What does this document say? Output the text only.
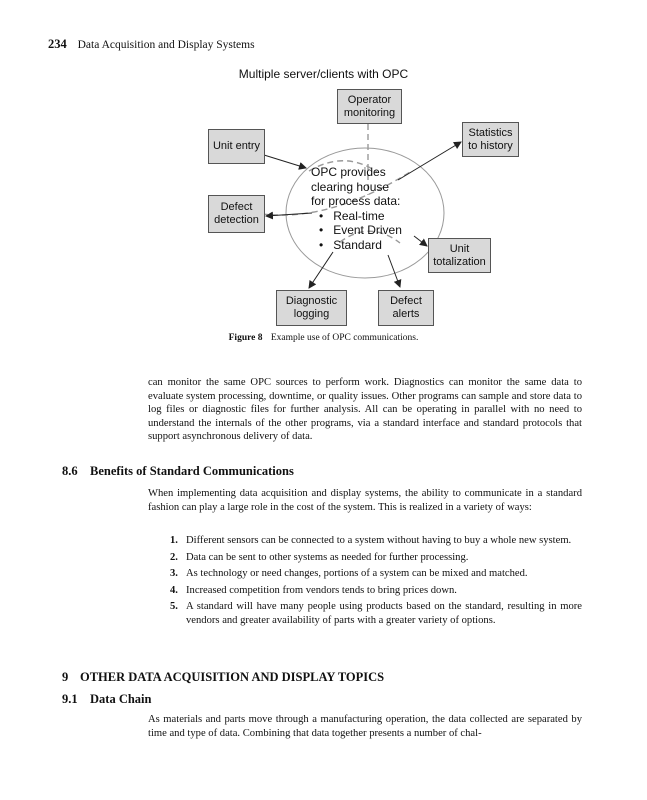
234 Data Acquisition and Display Systems
Multiple server/clients with OPC
Operator
monitoring
Statistics
to history
Unit entry
Defect
detection
Unit
totalization
Diagnostic
logging
Defect
alerts
OPC provides
clearing house
for process data:
• Real-time
• Event Driven
• Standard
Figure 8 Example use of OPC communications.
can monitor the same OPC sources to perform work. Diagnostics can monitor the same data to evaluate system processing, downtime, or quality issues. Other programs can sample and store data to log files or diagnostic files for further analysis. All can be operating in parallel with no need to understand the internals of the other programs, via a standard interface and standard protocols that support asynchronous delivery of data.
8.6 Benefits of Standard Communications
When implementing data acquisition and display systems, the ability to communicate in a standard fashion can play a large role in the cost of the system. This is realized in a variety of ways:
1. Different sensors can be connected to a system without having to buy a whole new system.
2. Data can be sent to other systems as needed for further processing.
3. As technology or need changes, portions of a system can be mixed and matched.
4. Increased competition from vendors tends to bring prices down.
5. A standard will have many people using products based on the standard, resulting in more vendors and greater availability of parts with a greater variety of options.
9 OTHER DATA ACQUISITION AND DISPLAY TOPICS
9.1 Data Chain
As materials and parts move through a manufacturing operation, the data collected are separated by time and type of data. Combining that data together presents a number of chal-
